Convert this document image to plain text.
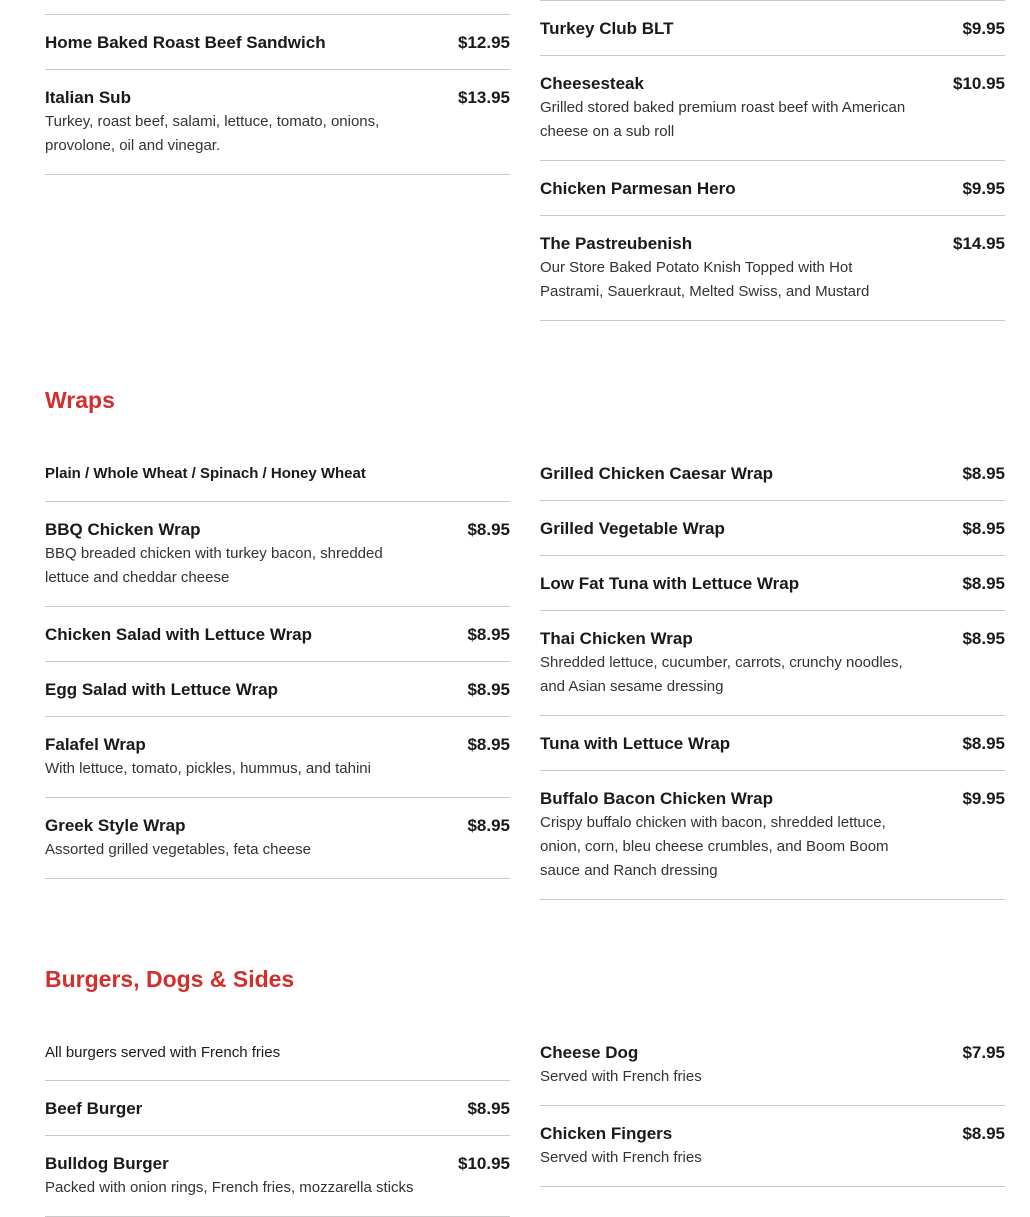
Home Baked Roast Beef Sandwich	$12.95
Italian Sub	$13.95
Turkey, roast beef, salami, lettuce, tomato, onions, provolone, oil and vinegar.
Turkey Club BLT	$9.95
Cheesesteak	$10.95
Grilled stored baked premium roast beef with American cheese on a sub roll
Chicken Parmesan Hero	$9.95
The Pastreubenish	$14.95
Our Store Baked Potato Knish Topped with Hot Pastrami, Sauerkraut, Melted Swiss, and Mustard
Wraps
Plain / Whole Wheat / Spinach / Honey Wheat
BBQ Chicken Wrap	$8.95
BBQ breaded chicken with turkey bacon, shredded lettuce and cheddar cheese
Chicken Salad with Lettuce Wrap	$8.95
Egg Salad with Lettuce Wrap	$8.95
Falafel Wrap	$8.95
With lettuce, tomato, pickles, hummus, and tahini
Greek Style Wrap	$8.95
Assorted grilled vegetables, feta cheese
Grilled Chicken Caesar Wrap	$8.95
Grilled Vegetable Wrap	$8.95
Low Fat Tuna with Lettuce Wrap	$8.95
Thai Chicken Wrap	$8.95
Shredded lettuce, cucumber, carrots, crunchy noodles, and Asian sesame dressing
Tuna with Lettuce Wrap	$8.95
Buffalo Bacon Chicken Wrap	$9.95
Crispy buffalo chicken with bacon, shredded lettuce, onion, corn, bleu cheese crumbles, and Boom Boom sauce and Ranch dressing
Burgers, Dogs & Sides
All burgers served with French fries
Beef Burger	$8.95
Bulldog Burger	$10.95
Packed with onion rings, French fries, mozzarella sticks
Cheese Dog	$7.95
Served with French fries
Chicken Fingers	$8.95
Served with French fries
